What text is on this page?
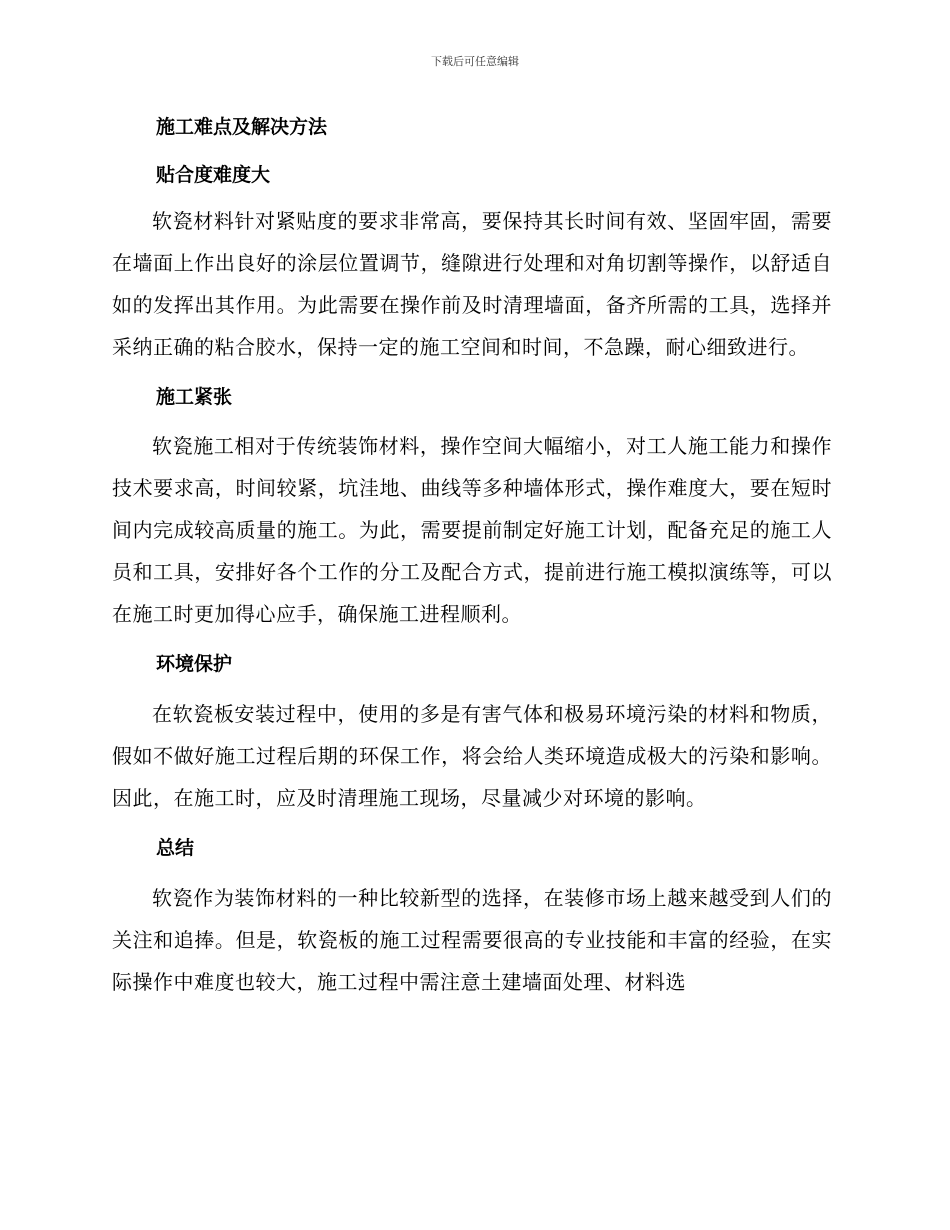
下载后可任意编辑
施工难点及解决方法
贴合度难度大

软瓷材料针对紧贴度的要求非常高，要保持其长时间有效、坚固牢固，需要在墙面上作出良好的涂层位置调节，缝隙进行处理和对角切割等操作，以舒适自如的发挥出其作用。为此需要在操作前及时清理墙面，备齐所需的工具，选择并采纳正确的粘合胶水，保持一定的施工空间和时间，不急躁，耐心细致进行。

施工紧张

软瓷施工相对于传统装饰材料，操作空间大幅缩小，对工人施工能力和操作技术要求高，时间较紧，坑洼地、曲线等多种墙体形式，操作难度大，要在短时间内完成较高质量的施工。为此，需要提前制定好施工计划，配备充足的施工人员和工具，安排好各个工作的分工及配合方式，提前进行施工模拟演练等，可以在施工时更加得心应手，确保施工进程顺利。

环境保护

在软瓷板安装过程中，使用的多是有害气体和极易环境污染的材料和物质，假如不做好施工过程后期的环保工作，将会给人类环境造成极大的污染和影响。因此，在施工时，应及时清理施工现场，尽量减少对环境的影响。

总结

软瓷作为装饰材料的一种比较新型的选择，在装修市场上越来越受到人们的关注和追捧。但是，软瓷板的施工过程需要很高的专业技能和丰富的经验，在实际操作中难度也较大，施工过程中需注意土建墙面处理、材料选
